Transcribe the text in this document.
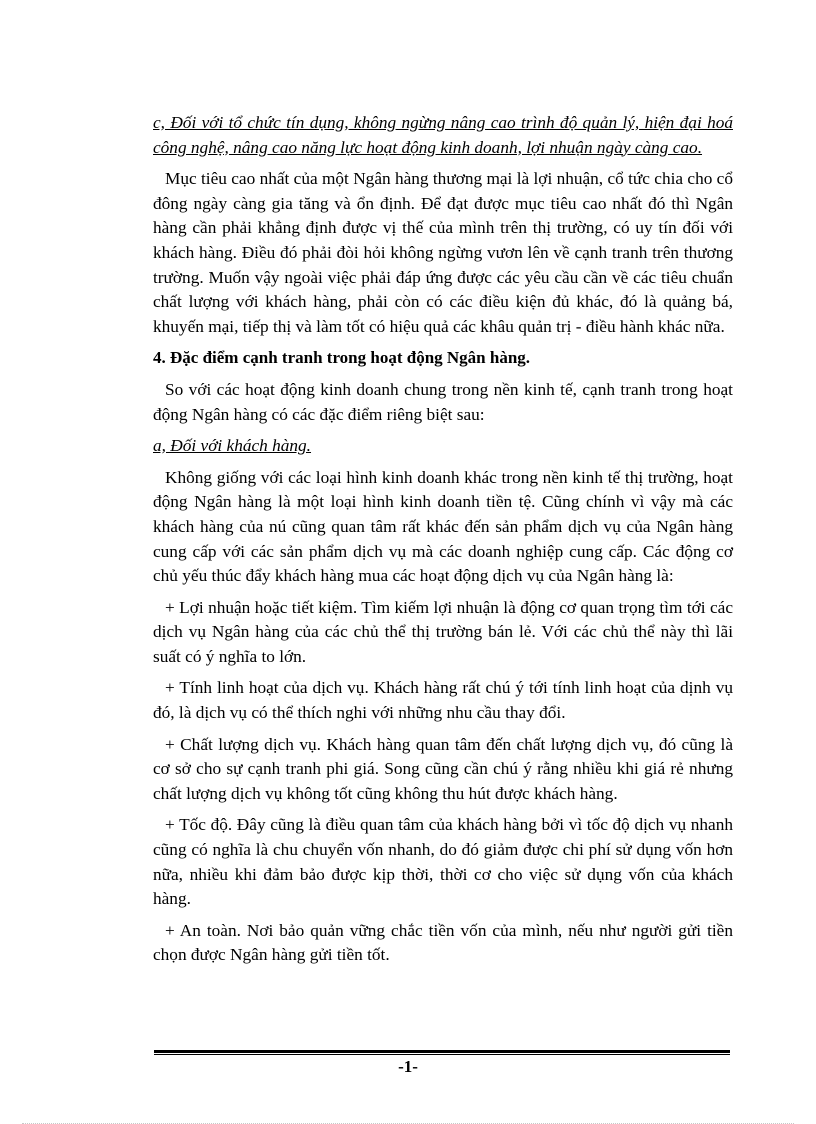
c, Đối với tổ chức tín dụng, không ngừng nâng cao trình độ quản lý, hiện đại hoá công nghệ, nâng cao năng lực hoạt động kinh doanh, lợi nhuận ngày càng cao.

Mục tiêu cao nhất của một Ngân hàng thương mại là lợi nhuận, cổ tức chia cho cổ đông ngày càng gia tăng và ổn định. Để đạt được mục tiêu cao nhất đó thì Ngân hàng cần phải khẳng định được vị thế của mình trên thị trường, có uy tín đối với khách hàng. Điều đó phải đòi hỏi không ngừng vươn lên về cạnh tranh trên thương trường. Muốn vậy ngoài việc phải đáp ứng được các yêu cầu cần về các tiêu chuẩn chất lượng với khách hàng, phải còn có các điều kiện đủ khác, đó là quảng bá, khuyến mại, tiếp thị và làm tốt có hiệu quả các khâu quản trị - điều hành khác nữa.

4. Đặc điểm cạnh tranh trong hoạt động Ngân hàng.

So với các hoạt động kinh doanh chung trong nền kinh tế, cạnh tranh trong hoạt động Ngân hàng có các đặc điểm riêng biệt sau:

a, Đối với khách hàng.

Không giống với các loại hình kinh doanh khác trong nền kinh tế thị trường, hoạt động Ngân hàng là một loại hình kinh doanh tiền tệ. Cũng chính vì vậy mà các khách hàng của nú cũng quan tâm rất khác đến sản phẩm dịch vụ của Ngân hàng cung cấp với các sản phẩm dịch vụ mà các doanh nghiệp cung cấp. Các động cơ chủ yếu thúc đẩy khách hàng mua các hoạt động dịch vụ của Ngân hàng là:

+ Lợi nhuận hoặc tiết kiệm. Tìm kiếm lợi nhuận là động cơ quan trọng tìm tới các dịch vụ Ngân hàng của các chủ thể thị trường bán lẻ. Với các chủ thể này thì lãi suất có ý nghĩa to lớn.

+ Tính linh hoạt của dịch vụ. Khách hàng rất chú ý tới tính linh hoạt của dịnh vụ đó, là dịch vụ có thể thích nghi với những nhu cầu thay đổi.

+ Chất lượng dịch vụ. Khách hàng quan tâm đến chất lượng dịch vụ, đó cũng là cơ sở cho sự cạnh tranh phi giá. Song cũng cần chú ý rằng nhiều khi giá rẻ nhưng chất lượng dịch vụ không tốt cũng không thu hút được khách hàng.

+ Tốc độ. Đây cũng là điều quan tâm của khách hàng bởi vì tốc độ dịch vụ nhanh cũng có nghĩa là chu chuyển vốn nhanh, do đó giảm được chi phí sử dụng vốn hơn nữa, nhiều khi đảm bảo được kịp thời, thời cơ cho việc sử dụng vốn của khách hàng.

+ An toàn. Nơi bảo quản vững chắc tiền vốn của mình, nếu như người gửi tiền chọn được Ngân hàng gửi tiền tốt.

-1-
